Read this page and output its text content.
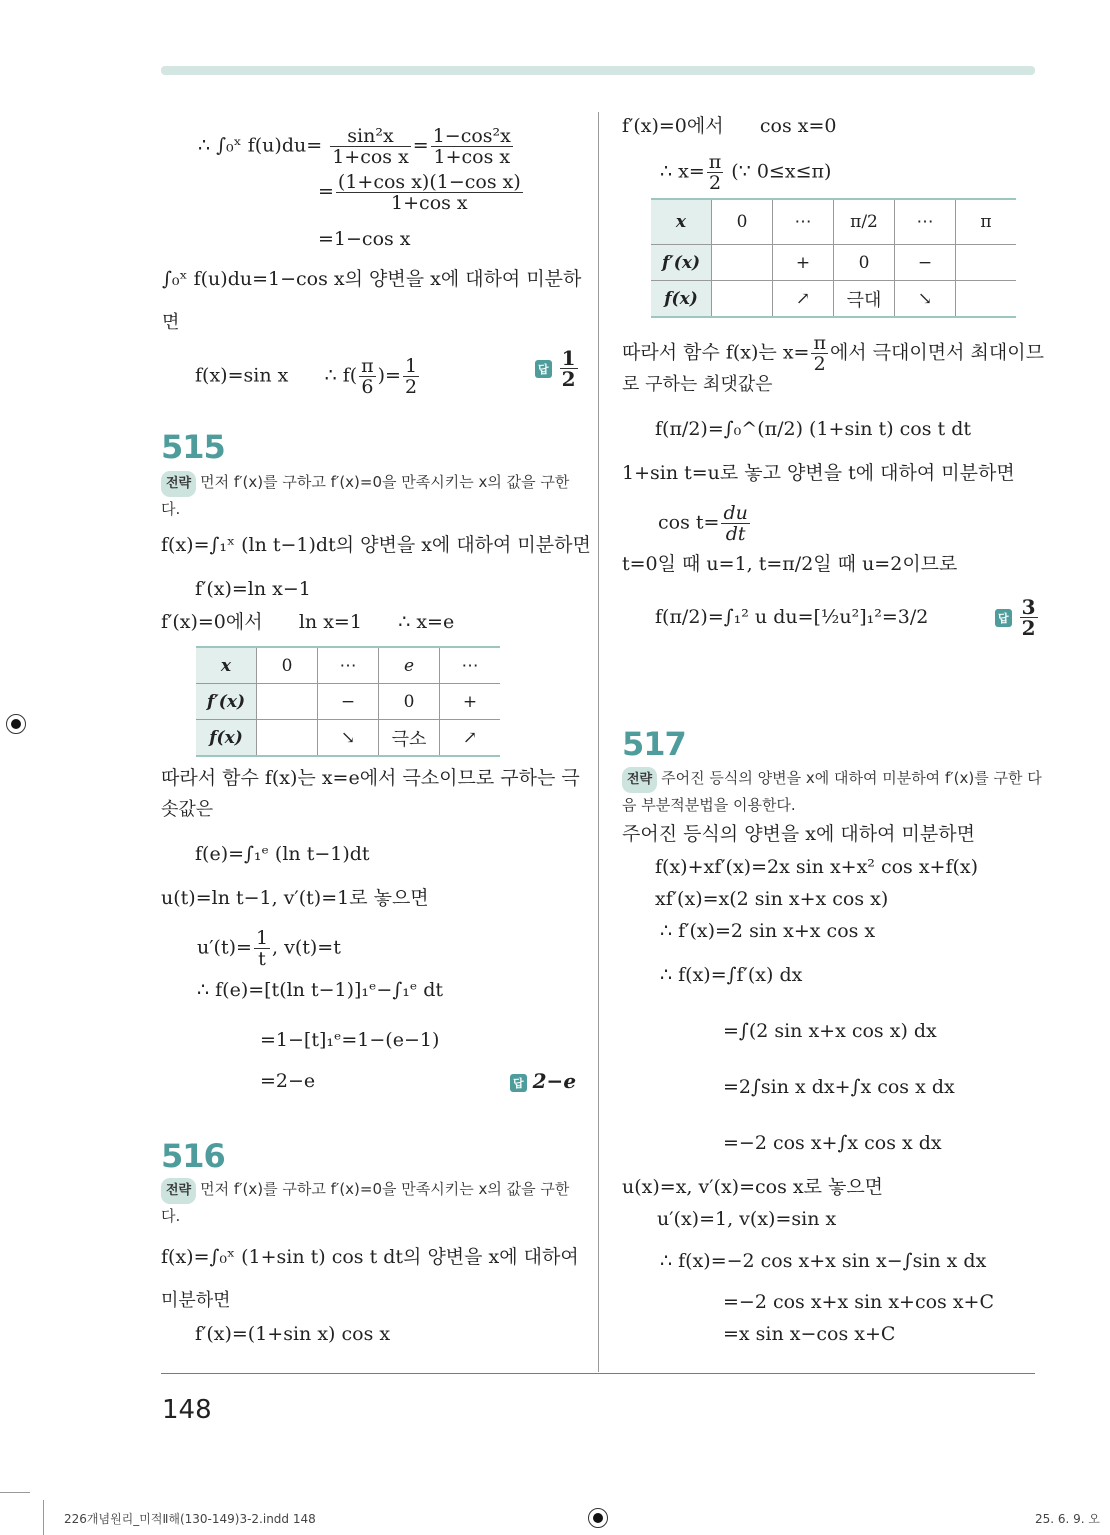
∴ ∫₀ˣ $f(u)du= \frac{\text{sin²x}}{\text{1+cos x}} = \frac{\text{1−cos²x}}{\text{1+cos x}}$
= $\frac{\text{(1+cos x)(1−cos x)}}{\text{1+cos x}}$
=1−cos x
∫₀ˣ f(u)du=1−cos x의 양변을 x에 대하여 미분하
면
f(x)=sin x ∴ $f( \frac{\pi}{6}$ )= $\frac{1}{2}$	답 $\frac{1}{2}$
515
전략 먼저 f′(x)를 구하고 f′(x)=0을 만족시키는 x의 값을 구한다.
f(x)=∫₁ˣ (ln t−1)dt의 양변을 x에 대하여 미분하면
f′(x)=ln x−1
f′(x)=0에서 ln x=1 ∴ x=e
x	0	⋯	e	⋯
f′(x)		−	0	+
f(x)		↘	극소	↗
따라서 함수 f(x)는 x=e에서 극소이므로 구하는 극
솟값은
f(e)=∫₁ᵉ (ln t−1)dt
u(t)=ln t−1, v′(t)=1로 놓으면
$u'(t)= \frac{1}{t}$ , v(t)=t
∴ f(e)=[t(ln t−1)]₁ᵉ−∫₁ᵉ dt
=1−[t]₁ᵉ=1−(e−1)
=2−e	답 2−e
516
전략 먼저 f′(x)를 구하고 f′(x)=0을 만족시키는 x의 값을 구한다.
f(x)=∫₀ˣ (1+sin t) cos t dt의 양변을 x에 대하여
미분하면
f′(x)=(1+sin x) cos x
f′(x)=0에서 cos x=0
∴ $x= \frac{\pi}{2}$ (∵ 0≤x≤π)
x	0	⋯	π/2	⋯	π
f′(x)		+	0	−	
f(x)		↗	극대	↘	
따라서 함수 f(x)는 $x= \frac{\pi}{2}$ 에서 극대이면서 최대이므
로 구하는 최댓값은
f(π/2)=∫₀^(π/2) (1+sin t) cos t dt
1+sin t=u로 놓고 양변을 t에 대하여 미분하면
$\cos t= \frac{du}{dt}$
t=0일 때 u=1, t=π/2일 때 u=2이므로
f(π/2)=∫₁² u du=[½u²]₁²=3/2	답 $\frac{3}{2}$
517
전략 주어진 등식의 양변을 x에 대하여 미분하여 f′(x)를 구한 다음 부분적분법을 이용한다.
주어진 등식의 양변을 x에 대하여 미분하면
f(x)+xf′(x)=2x sin x+x² cos x+f(x)
xf′(x)=x(2 sin x+x cos x)
∴ f′(x)=2 sin x+x cos x
∴ f(x)=∫f′(x) dx
=∫(2 sin x+x cos x) dx
=2∫sin x dx+∫x cos x dx
=−2 cos x+∫x cos x dx
u(x)=x, v′(x)=cos x로 놓으면
u′(x)=1, v(x)=sin x
∴ f(x)=−2 cos x+x sin x−∫sin x dx
=−2 cos x+x sin x+cos x+C
=x sin x−cos x+C
148
226개념원리_미적Ⅱ해(130-149)3-2.indd 148	25. 6. 9. 오
